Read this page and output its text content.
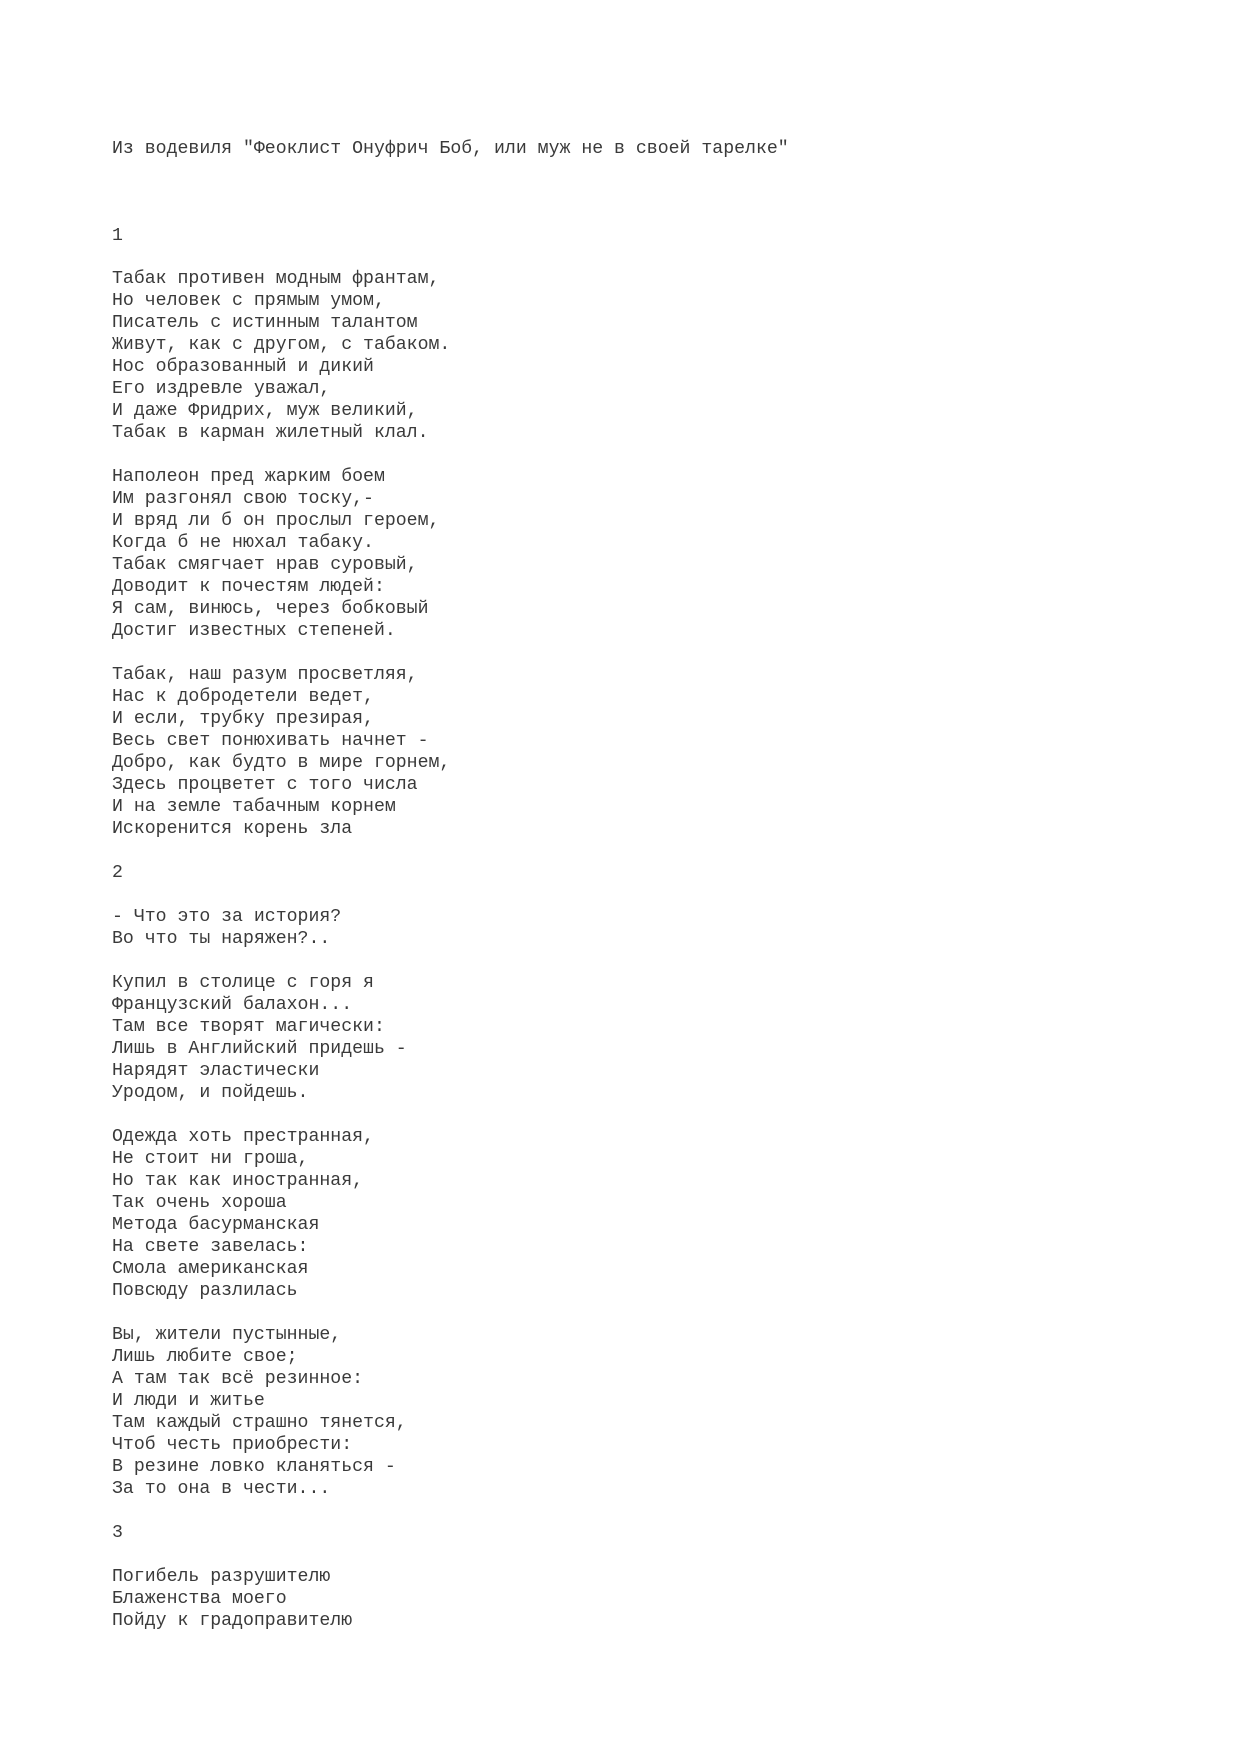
Из водевиля "Феоклист Онуфрич Боб, или муж не в своей тарелке"

1

Табак противен модным франтам,

Но человек с прямым умом,

Писатель с истинным талантом

Живут, как с другом, с табаком.

Нос образованный и дикий

Его издревле уважал,

И даже Фридрих, муж великий,

Табак в карман жилетный клал.

Наполеон пред жарким боем

Им разгонял свою тоску,-

И вряд ли б он прослыл героем,

Когда б не нюхал табаку.

Табак смягчает нрав суровый,

Доводит к почестям людей:

Я сам, винюсь, через бобковый

Достиг известных степеней.

Табак, наш разум просветляя,

Нас к добродетели ведет,

И если, трубку презирая,

Весь свет понюхивать начнет -

Добро, как будто в мире горнем,

Здесь процветет с того числа

И на земле табачным корнем

Искоренится корень зла

2

- Что это за история?

Во что ты наряжен?..

Купил в столице с горя я

Французский балахон...

Там все творят магически:

Лишь в Английский придешь -

Нарядят эластически

Уродом, и пойдешь.

Одежда хоть престранная,

Не стоит ни гроша,

Но так как иностранная,

Так очень хороша

Метода басурманская

На свете завелась:

Смола американская

Повсюду разлилась

Вы, жители пустынные,

Лишь любите свое;

А там так всё резинное:

И люди и житье

Там каждый страшно тянется,

Чтоб честь приобрести:

В резине ловко кланяться -

За то она в чести...

3

Погибель разрушителю

Блаженства моего

Пойду к градоправителю
